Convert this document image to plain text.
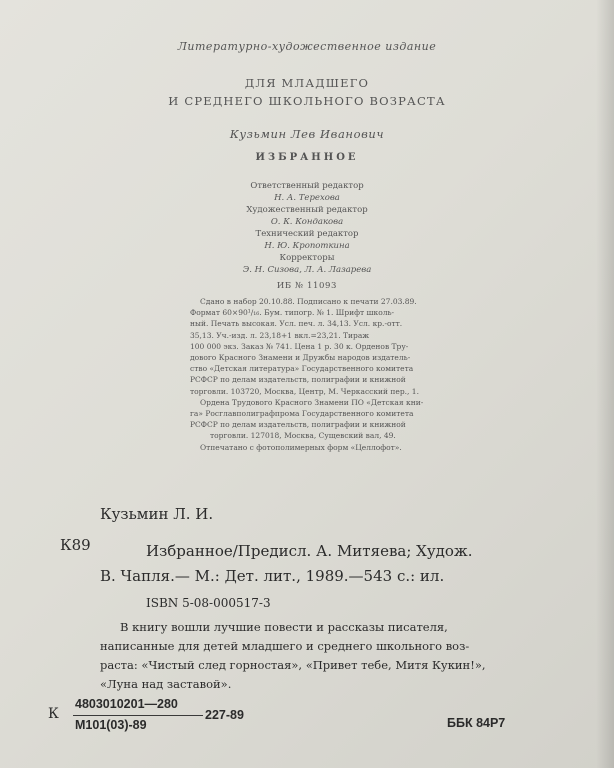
Литературно-художественное издание
ДЛЯ МЛАДШЕГО
И СРЕДНЕГО ШКОЛЬНОГО ВОЗРАСТА
Кузьмин Лев Иванович
ИЗБРАННОЕ
Ответственный редактор
Н. А. Терехова
Художественный редактор
О. К. Кондакова
Технический редактор
Н. Ю. Кропоткина
Корректоры
Э. Н. Сизова, Л. А. Лазарева
ИБ № 11093
Сдано в набор 20.10.88. Подписано к печати 27.03.89.
Формат 60×90¹/₁₆. Бум. типогр. № 1. Шрифт школь-
ный. Печать высокая. Усл. печ. л. 34,13. Усл. кр.-отт.
35,13. Уч.-изд. л. 23,18+1 вкл.=23,21. Тираж
100 000 экз. Заказ № 741. Цена 1 р. 30 к. Орденов Тру-
дового Красного Знамени и Дружбы народов издатель-
ство «Детская литература» Государственного комитета
РСФСР по делам издательств, полиграфии и книжной
торговли. 103720, Москва, Центр, М. Черкасский пер., 1.
Ордена Трудового Красного Знамени ПО «Детская кни-
га» Росглавполиграфпрома Государственного комитета
РСФСР по делам издательств, полиграфии и книжной
торговли. 127018, Москва, Сущевский вал, 49.
Отпечатано с фотополимерных форм «Целлофот».
Кузьмин Л. И.
К89	Избранное/Предисл. А. Митяева; Худож.
В. Чапля.— М.: Дет. лит., 1989.—543 с.: ил.
ISBN 5-08-000517-3
В книгу вошли лучшие повести и рассказы писателя,
написанные для детей младшего и среднего школьного воз-
раста: «Чистый след горностая», «Привет тебе, Митя Кукин!»,
«Луна над заставой».
К
4803010201—280
М101(03)-89
227-89
ББК 84Р7
